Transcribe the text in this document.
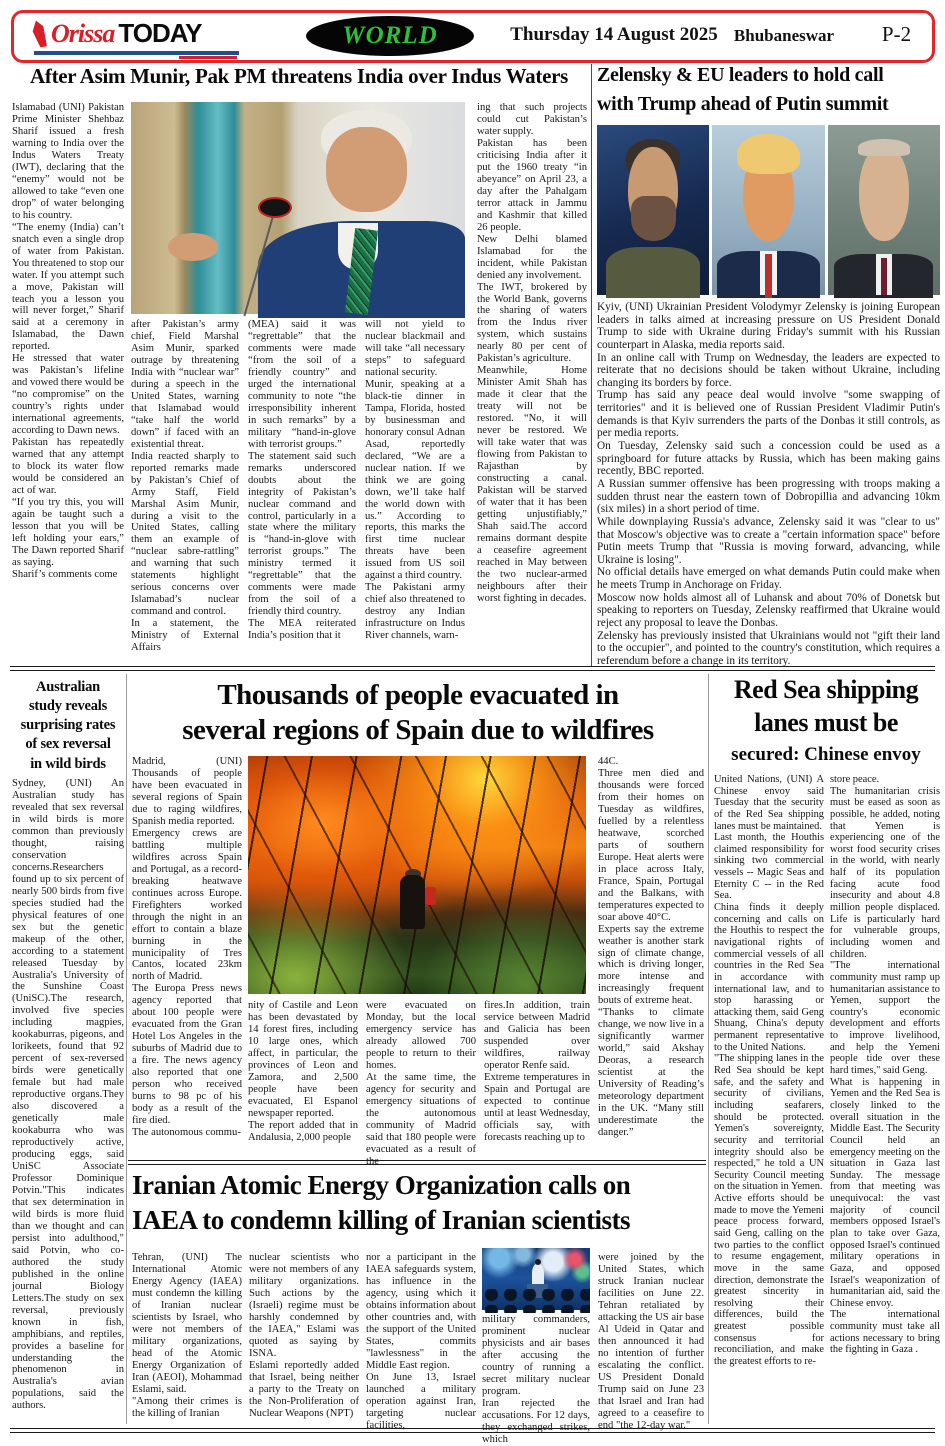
Orissa TODAY	WORLD	Thursday 14 August 2025 Bhubaneswar	P-2
After Asim Munir, Pak PM threatens India over Indus Waters
Islamabad (UNI) Pakistan Prime Minister Shehbaz Sharif issued a fresh warning to India over the Indus Waters Treaty (IWT), declaring that the “enemy” would not be allowed to take “even one drop” of water belonging to his country.
“The enemy (India) can’t snatch even a single drop of water from Pakistan. You threatened to stop our water. If you attempt such a move, Pakistan will teach you a lesson you will never forget,” Sharif said at a ceremony in Islamabad, the Dawn reported.
He stressed that water was Pakistan’s lifeline and vowed there would be “no compromise” on the country’s rights under international agreements, according to Dawn news.
Pakistan has repeatedly warned that any attempt to block its water flow would be considered an act of war.
“If you try this, you will again be taught such a lesson that you will be left holding your ears,” The Dawn reported Sharif as saying.
Sharif’s comments come
after Pakistan’s army chief, Field Marshal Asim Munir, sparked outrage by threatening India with “nuclear war” during a speech in the United States, warning that Islamabad would “take half the world down” if faced with an existential threat.
India reacted sharply to reported remarks made by Pakistan’s Chief of Army Staff, Field Marshal Asim Munir, during a visit to the United States, calling them an example of “nuclear sabre-rattling” and warning that such statements highlight serious concerns over Islamabad’s nuclear command and control.
In a statement, the Ministry of External Affairs
(MEA) said it was “regrettable” that the comments were made “from the soil of a friendly country” and urged the international community to note “the irresponsibility inherent in such remarks” by a military “hand-in-glove with terrorist groups.”
The statement said such remarks underscored doubts about the integrity of Pakistan’s nuclear command and control, particularly in a state where the military is “hand-in-glove with terrorist groups.” The ministry termed it “regrettable” that the comments were made from the soil of a friendly third country.
The MEA reiterated India’s position that it
will not yield to nuclear blackmail and will take “all necessary steps” to safeguard national security.
Munir, speaking at a black-tie dinner in Tampa, Florida, hosted by businessman and honorary consul Adnan Asad, reportedly declared, “We are a nuclear nation. If we think we are going down, we’ll take half the world down with us.” According to reports, this marks the first time nuclear threats have been issued from US soil against a third country.
The Pakistani army chief also threatened to destroy any Indian infrastructure on Indus River channels, warn-
ing that such projects could cut Pakistan’s water supply.
Pakistan has been criticising India after it put the 1960 treaty “in abeyance” on April 23, a day after the Pahalgam terror attack in Jammu and Kashmir that killed 26 people.
New Delhi blamed Islamabad for the incident, while Pakistan denied any involvement.
The IWT, brokered by the World Bank, governs the sharing of waters from the Indus river system, which sustains nearly 80 per cent of Pakistan’s agriculture.
Meanwhile, Home Minister Amit Shah has made it clear that the treaty will not be restored. “No, it will never be restored. We will take water that was flowing from Pakistan to Rajasthan by constructing a canal. Pakistan will be starved of water that it has been getting unjustifiably,” Shah said.The accord remains dormant despite a ceasefire agreement reached in May between the two nuclear-armed neighbours after their worst fighting in decades.
Zelensky & EU leaders to hold call
with Trump ahead of Putin summit
Kyiv, (UNI) Ukrainian President Volodymyr Zelensky is joining European leaders in talks aimed at increasing pressure on US President Donald Trump to side with Ukraine during Friday's summit with his Russian counterpart in Alaska, media reports said.
In an online call with Trump on Wednesday, the leaders are expected to reiterate that no decisions should be taken without Ukraine, including changing its borders by force.
Trump has said any peace deal would involve "some swapping of territories" and it is believed one of Russian President Vladimir Putin's demands is that Kyiv surrenders the parts of the Donbas it still controls, as per media reports.
On Tuesday, Zelensky said such a concession could be used as a springboard for future attacks by Russia, which has been making gains recently, BBC reported.
A Russian summer offensive has been progressing with troops making a sudden thrust near the eastern town of Dobropillia and advancing 10km (six miles) in a short period of time.
While downplaying Russia's advance, Zelensky said it was "clear to us" that Moscow's objective was to create a "certain information space" before Putin meets Trump that "Russia is moving forward, advancing, while Ukraine is losing".
No official details have emerged on what demands Putin could make when he meets Trump in Anchorage on Friday.
Moscow now holds almost all of Luhansk and about 70% of Donetsk but speaking to reporters on Tuesday, Zelensky reaffirmed that Ukraine would reject any proposal to leave the Donbas.
Zelensky has previously insisted that Ukrainians would not "gift their land to the occupier", and pointed to the country's constitution, which requires a referendum before a change in its territory.
Australian
study reveals
surprising rates
of sex reversal
in wild birds
Sydney, (UNI) An Australian study has revealed that sex reversal in wild birds is more common than previously thought, raising conservation concerns.Researchers found up to six percent of nearly 500 birds from five species studied had the physical features of one sex but the genetic makeup of the other, according to a statement released Tuesday by Australia's University of the Sunshine Coast (UniSC).The research, involved five species including magpies, kookaburras, pigeons, and lorikeets, found that 92 percent of sex-reversed birds were genetically female but had male reproductive organs.They also discovered a genetically male kookaburra who was reproductively active, producing eggs, said UniSC Associate Professor Dominique Potvin."This indicates that sex determination in wild birds is more fluid than we thought and can persist into adulthood," said Potvin, who co-authored the study published in the online journal Biology Letters.The study on sex reversal, previously known in fish, amphibians, and reptiles, provides a baseline for understanding the phenomenon in Australia's avian populations, said the authors.
Thousands of people evacuated in
several regions of Spain due to wildfires
Madrid, (UNI) Thousands of people have been evacuated in several regions of Spain due to raging wildfires, Spanish media reported.
Emergency crews are battling multiple wildfires across Spain and Portugal, as a record-breaking heatwave continues across Europe. Firefighters worked through the night in an effort to contain a blaze burning in the municipality of Tres Cantos, located 23km north of Madrid.
The Europa Press news agency reported that about 100 people were evacuated from the Gran Hotel Los Angeles in the suburbs of Madrid due to a fire. The news agency also reported that one person who received burns to 98 pc of his body as a result of the fire died.
The autonomous commu-
nity of Castile and Leon has been devastated by 14 forest fires, including 10 large ones, which affect, in particular, the provinces of Leon and Zamora, and 2,500 people have been evacuated, El Espanol newspaper reported.
The report added that in Andalusia, 2,000 people
were evacuated on Monday, but the local emergency service has already allowed 700 people to return to their homes.
At the same time, the agency for security and emergency situations of the autonomous community of Madrid said that 180 people were evacuated as a result of the
fires.In addition, train service between Madrid and Galicia has been suspended over wildfires, railway operator Renfe said.
Extreme temperatures in Spain and Portugal are expected to continue until at least Wednesday, officials say, with forecasts reaching up to
44C.
Three men died and thousands were forced from their homes on Tuesday as wildfires, fuelled by a relentless heatwave, scorched parts of southern Europe. Heat alerts were in place across Italy, France, Spain, Portugal and the Balkans, with temperatures expected to soar above 40°C.
Experts say the extreme weather is another stark sign of climate change, which is driving longer, more intense and increasingly frequent bouts of extreme heat.
“Thanks to climate change, we now live in a significantly warmer world,” said Akshay Deoras, a research scientist at the University of Reading’s meteorology department in the UK. “Many still underestimate the danger.”
Red Sea shipping
lanes must be
secured: Chinese envoy
United Nations, (UNI) A Chinese envoy said Tuesday that the security of the Red Sea shipping lanes must be maintained.
Last month, the Houthis claimed responsibility for sinking two commercial vessels -- Magic Seas and Eternity C -- in the Red Sea.
China finds it deeply concerning and calls on the Houthis to respect the navigational rights of commercial vessels of all countries in the Red Sea in accordance with international law, and to stop harassing or attacking them, said Geng Shuang, China's deputy permanent representative to the United Nations.
"The shipping lanes in the Red Sea should be kept safe, and the safety and security of civilians, including seafarers, should be protected. Yemen's sovereignty, security and territorial integrity should also be respected," he told a UN Security Council meeting on the situation in Yemen.
Active efforts should be made to move the Yemeni peace process forward, said Geng, calling on the two parties to the conflict to resume engagement, move in the same direction, demonstrate the greatest sincerity in resolving their differences, build the greatest possible consensus for reconciliation, and make the greatest efforts to re-
store peace.
The humanitarian crisis must be eased as soon as possible, he added, noting that Yemen is experiencing one of the worst food security crises in the world, with nearly half of its population facing acute food insecurity and about 4.8 million people displaced. Life is particularly hard for vulnerable groups, including women and children.
"The international community must ramp up humanitarian assistance to Yemen, support the country's economic development and efforts to improve livelihood, and help the Yemeni people tide over these hard times," said Geng.
What is happening in Yemen and the Red Sea is closely linked to the overall situation in the Middle East. The Security Council held an emergency meeting on the situation in Gaza last Sunday. The message from that meeting was unequivocal: the vast majority of council members opposed Israel's plan to take over Gaza, opposed Israel's continued military operations in Gaza, and opposed Israel's weaponization of humanitarian aid, said the Chinese envoy.
The international community must take all actions necessary to bring the fighting in Gaza .
Iranian Atomic Energy Organization calls on
IAEA to condemn killing of Iranian scientists
Tehran, (UNI) The International Atomic Energy Agency (IAEA) must condemn the killing of Iranian nuclear scientists by Israel, who were not members of military organizations, head of the Atomic Energy Organization of Iran (AEOI), Mohammad Eslami, said.
"Among their crimes is the killing of Iranian
nuclear scientists who were not members of any military organizations. Such actions by the (Israeli) regime must be harshly condemned by the IAEA," Eslami was quoted as saying by ISNA.
Eslami reportedly added that Israel, being neither a party to the Treaty on the Non-Proliferation of Nuclear Weapons (NPT)
nor a participant in the IAEA safeguards system, has influence in the agency, using which it obtains information about other countries and, with the support of the United States, commits "lawlessness" in the Middle East region.
On June 13, Israel launched a military operation against Iran, targeting nuclear facilities,
military commanders, prominent nuclear physicists and air bases after accusing the country of running a secret military nuclear program.
Iran rejected the accusations. For 12 days, they exchanged strikes, which
were joined by the United States, which struck Iranian nuclear facilities on June 22. Tehran retaliated by attacking the US air base Al Udeid in Qatar and then announced it had no intention of further escalating the conflict. US President Donald Trump said on June 23 that Israel and Iran had agreed to a ceasefire to end "the 12-day war."
